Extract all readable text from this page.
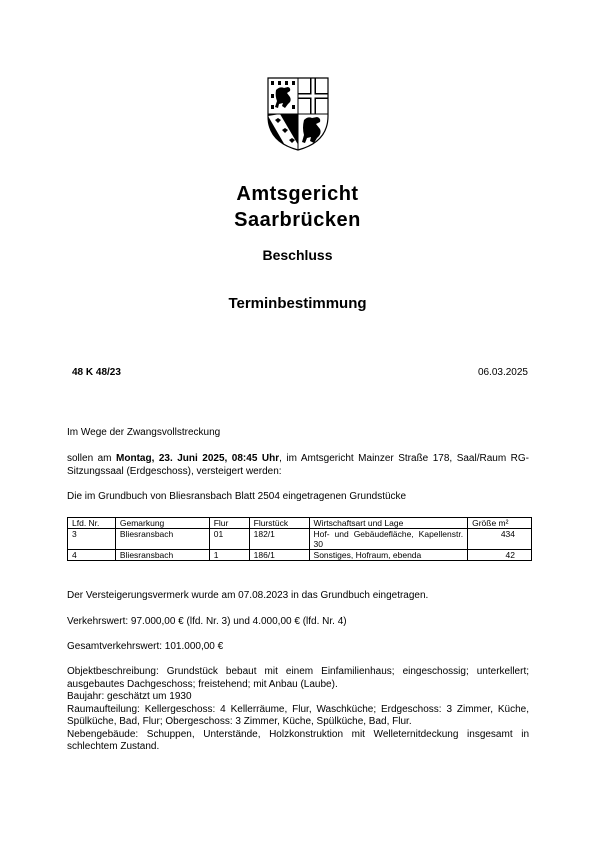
Amtsgericht
Saarbrücken
Beschluss
Terminbestimmung
48 K 48/23	06.03.2025
Im Wege der Zwangsvollstreckung
sollen am Montag, 23. Juni 2025, 08:45 Uhr, im Amtsgericht Mainzer Straße 178, Saal/Raum RG-Sitzungssaal (Erdgeschoss), versteigert werden:
Die im Grundbuch von Bliesransbach Blatt 2504 eingetragenen Grundstücke
Lfd. Nr.	Gemarkung	Flur	Flurstück	Wirtschaftsart und Lage	Größe m²
3	Bliesransbach	01	182/1	Hof- und Gebäudefläche, Kapellenstr. 30	434
4	Bliesransbach	1	186/1	Sonstiges, Hofraum, ebenda	42
Der Versteigerungsvermerk wurde am 07.08.2023 in das Grundbuch eingetragen.
Verkehrswert: 97.000,00 € (lfd. Nr. 3) und 4.000,00 € (lfd. Nr. 4)
Gesamtverkehrswert: 101.000,00 €
Objektbeschreibung: Grundstück bebaut mit einem Einfamilienhaus; eingeschossig; unterkellert; ausgebautes Dachgeschoss; freistehend; mit Anbau (Laube).
Baujahr: geschätzt um 1930
Raumaufteilung: Kellergeschoss: 4 Kellerräume, Flur, Waschküche; Erdgeschoss: 3 Zimmer, Küche, Spülküche, Bad, Flur; Obergeschoss: 3 Zimmer, Küche, Spülküche, Bad, Flur.
Nebengebäude: Schuppen, Unterstände, Holzkonstruktion mit Welleternitdeckung insgesamt in schlechtem Zustand.
